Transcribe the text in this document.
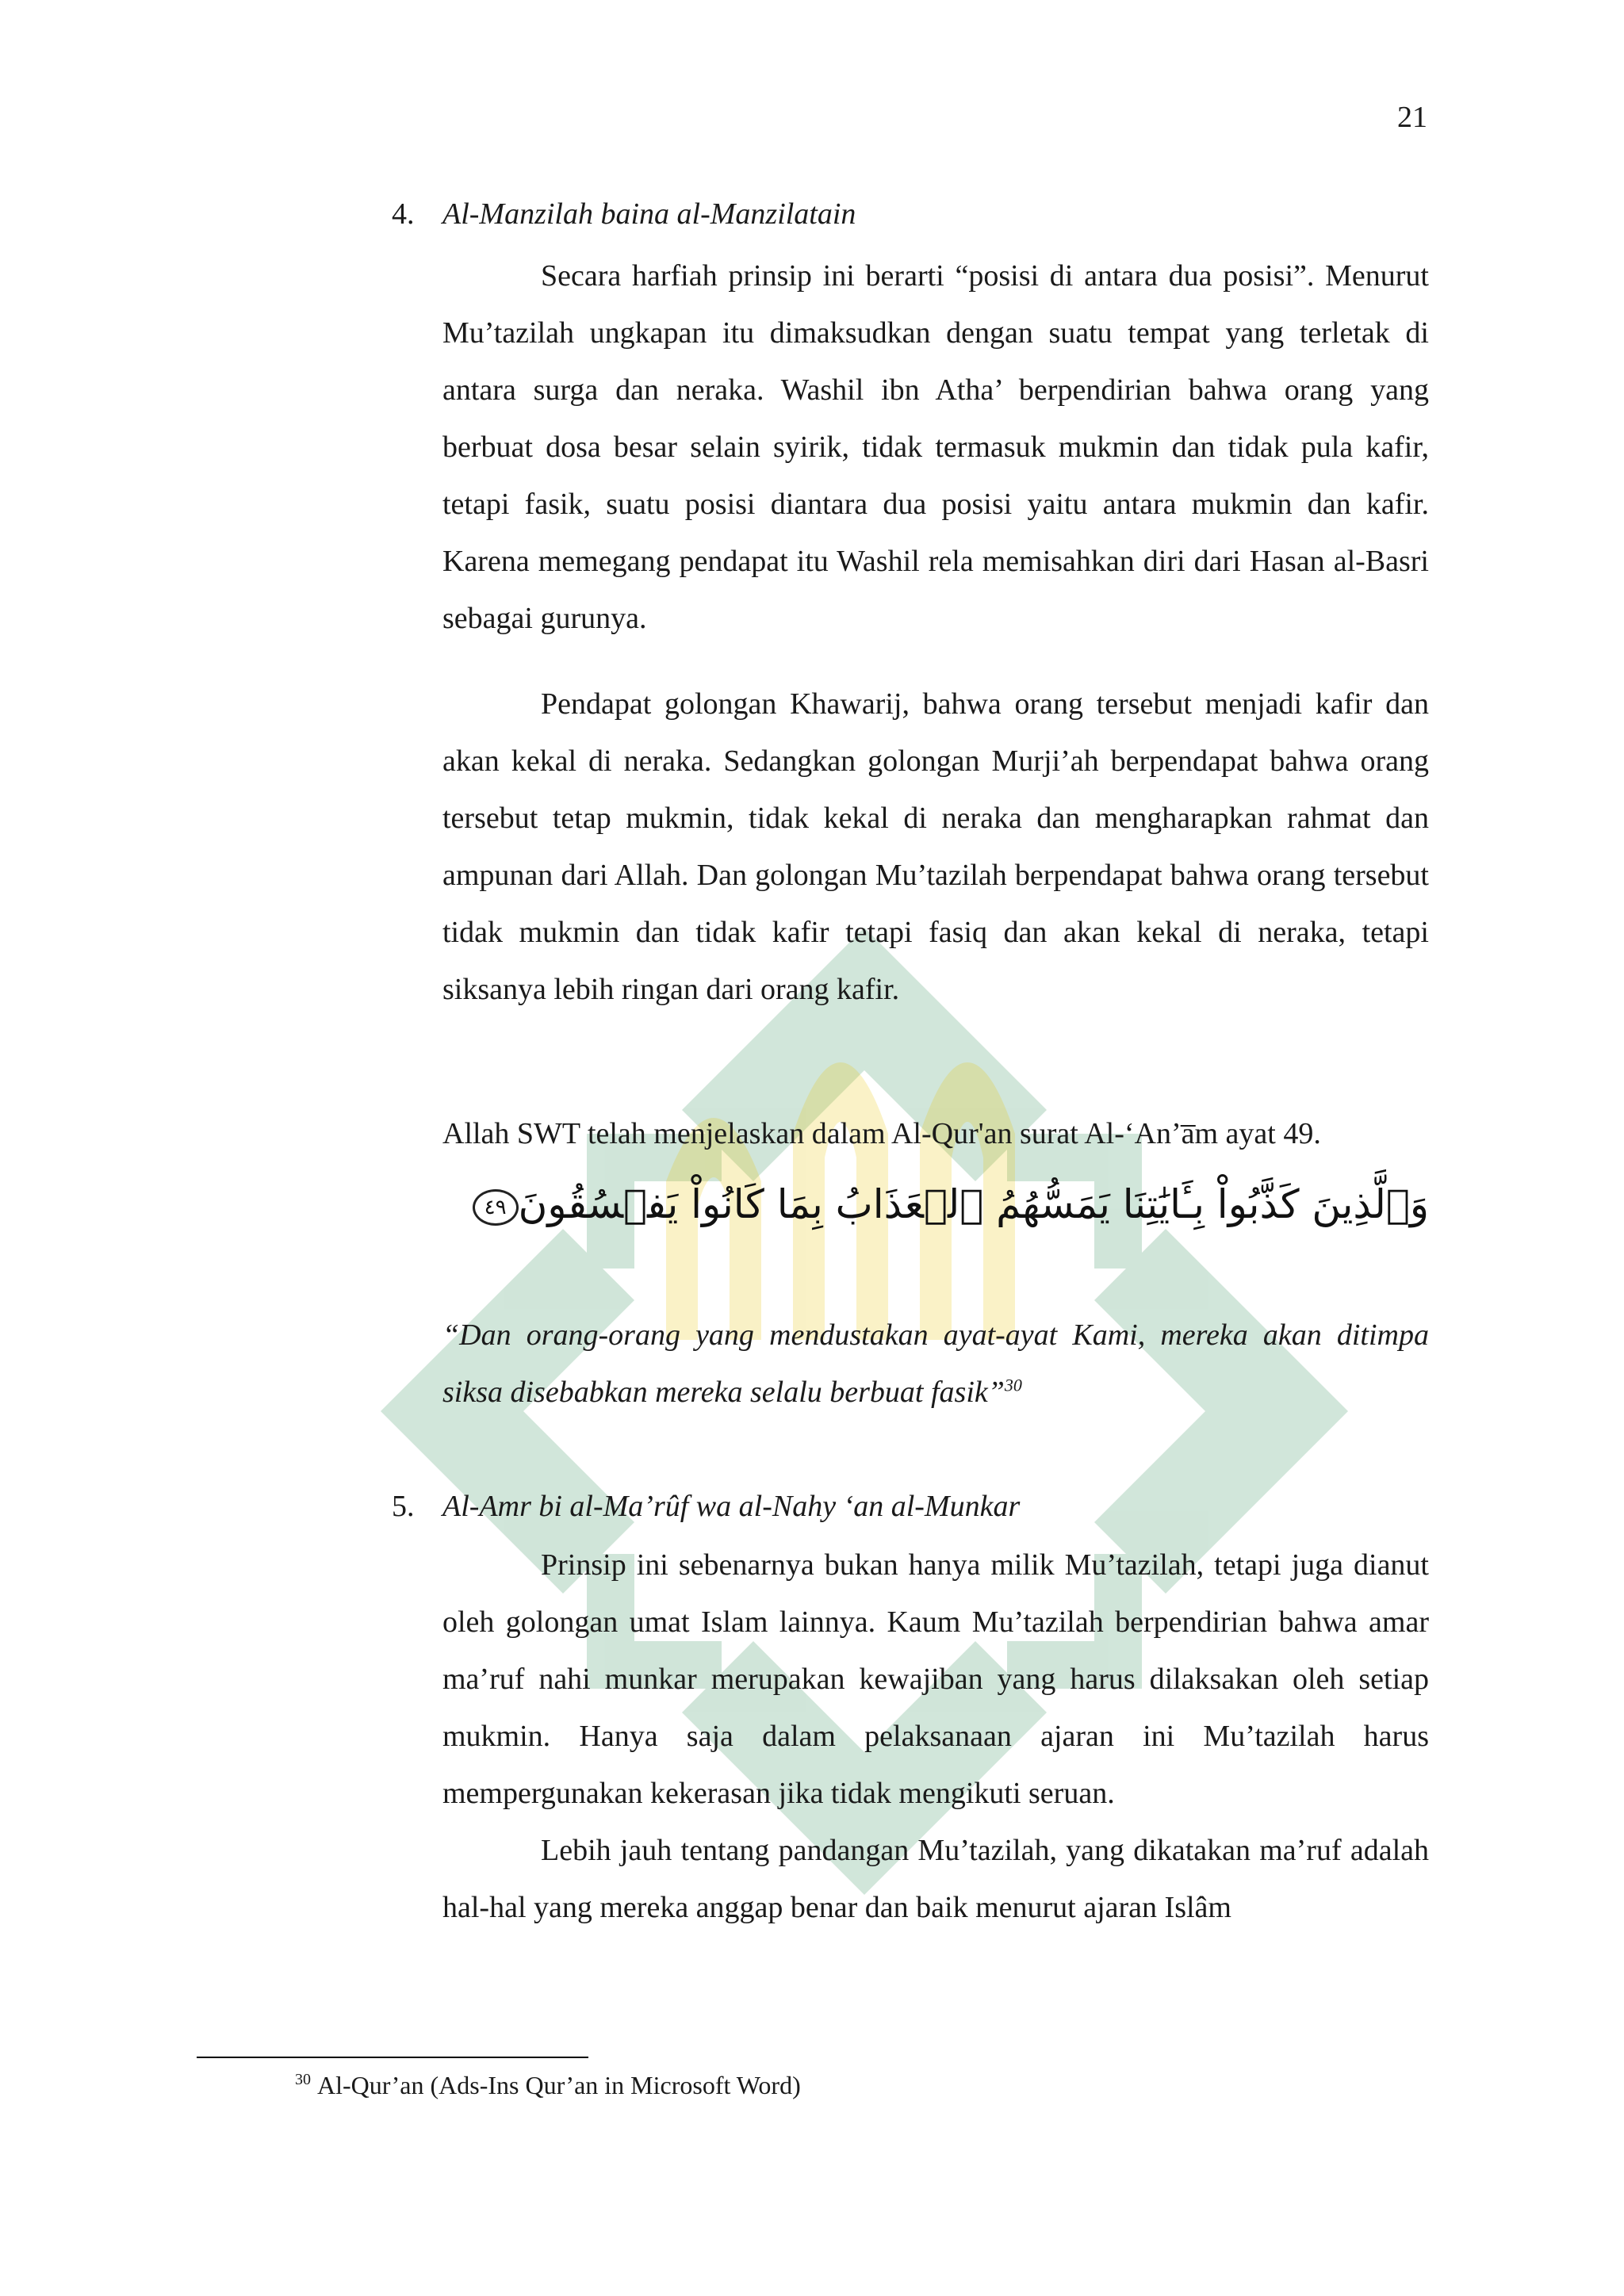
21
4. Al-Manzilah baina al-Manzilatain
Secara harfiah prinsip ini berarti “posisi di antara dua posisi”. Menurut Mu’tazilah ungkapan itu dimaksudkan dengan suatu tempat yang terletak di antara surga dan neraka. Washil ibn Atha’ berpendirian bahwa orang yang berbuat dosa besar selain syirik, tidak termasuk mukmin dan tidak pula kafir, tetapi fasik, suatu posisi diantara dua posisi yaitu antara mukmin dan kafir. Karena memegang pendapat itu Washil rela memisahkan diri dari Hasan al-Basri sebagai gurunya.
Pendapat golongan Khawarij, bahwa orang tersebut menjadi kafir dan akan kekal di neraka. Sedangkan golongan Murji’ah berpendapat bahwa orang tersebut tetap mukmin, tidak kekal di neraka dan mengharapkan rahmat dan ampunan dari Allah. Dan golongan Mu’tazilah berpendapat bahwa orang tersebut tidak mukmin dan tidak kafir tetapi fasiq dan akan kekal di neraka, tetapi siksanya lebih ringan dari orang kafir.
Allah SWT telah menjelaskan dalam Al-Qur'an surat Al-‘An’a̅m ayat 49.
وَٱلَّذِينَ كَذَّبُواْ بِـَٔايَٰتِنَا يَمَسُّهُمُ ٱلۡعَذَابُ بِمَا كَانُواْ يَفۡسُقُونَ٤٩
“Dan orang-orang yang mendustakan ayat-ayat Kami, mereka akan ditimpa siksa disebabkan mereka selalu berbuat fasik”$^{30}$
5. Al-Amr bi al-Ma’rûf wa al-Nahy ‘an al-Munkar
Prinsip ini sebenarnya bukan hanya milik Mu’tazilah, tetapi juga dianut oleh golongan umat Islam lainnya. Kaum Mu’tazilah berpendirian bahwa amar ma’ruf nahi munkar merupakan kewajiban yang harus dilaksakan oleh setiap mukmin. Hanya saja dalam pelaksanaan ajaran ini Mu’tazilah harus mempergunakan kekerasan jika tidak mengikuti seruan.
Lebih jauh tentang pandangan Mu’tazilah, yang dikatakan ma’ruf adalah hal-hal yang mereka anggap benar dan baik menurut ajaran Islâm
$^{30}$ Al-Qur’an (Ads-Ins Qur’an in Microsoft Word)
